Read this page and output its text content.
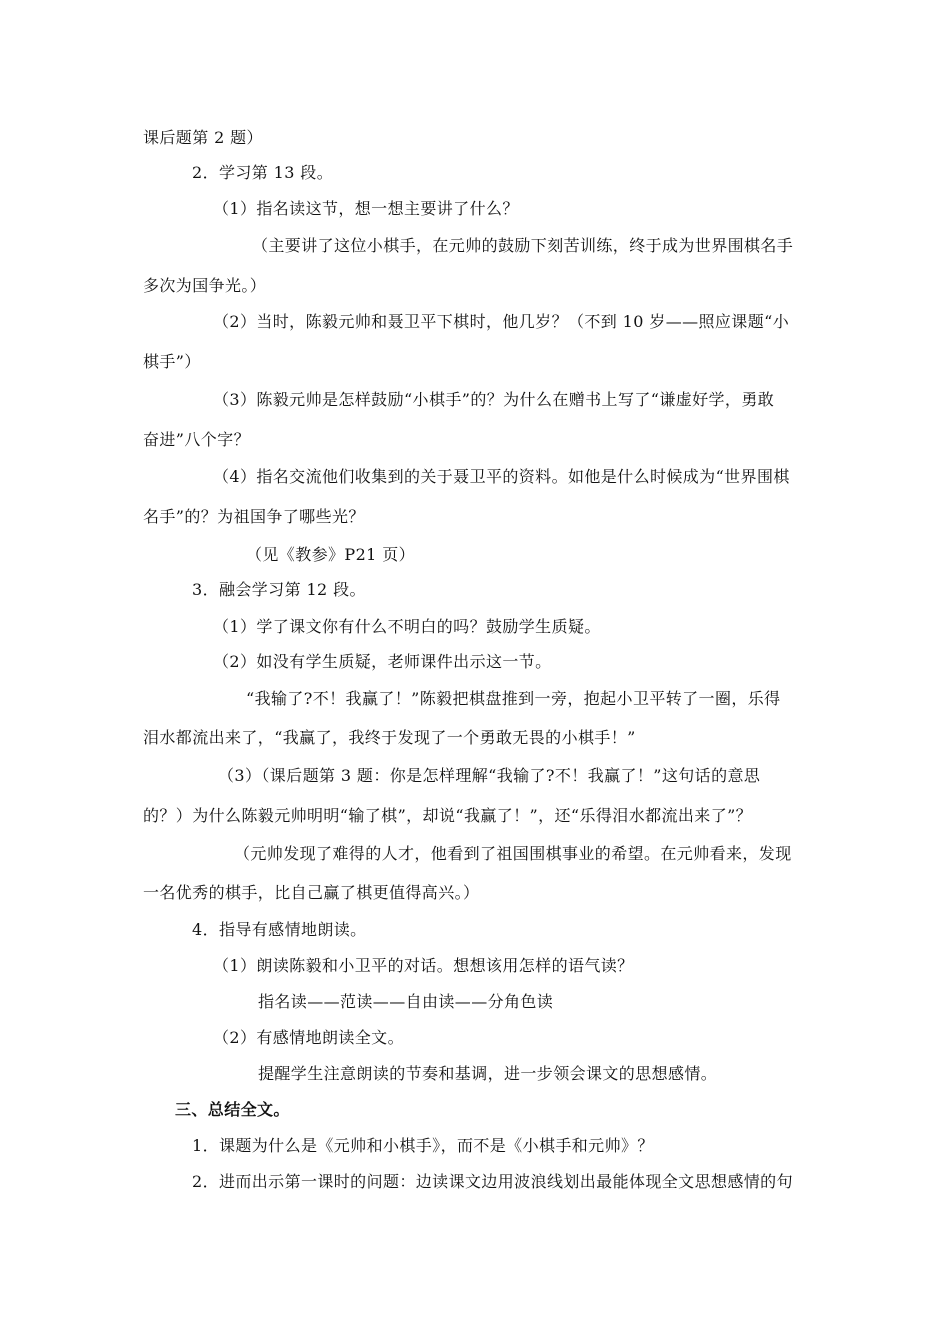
课后题第 2 题）
2．学习第 13 段。
（1）指名读这节，想一想主要讲了什么？
（主要讲了这位小棋手，在元帅的鼓励下刻苦训练，终于成为世界围棋名手
多次为国争光。）
（2）当时，陈毅元帅和聂卫平下棋时，他几岁？（不到 10 岁——照应课题“小
棋手”）
（3）陈毅元帅是怎样鼓励“小棋手”的？为什么在赠书上写了“谦虚好学，勇敢
奋进”八个字？
（4）指名交流他们收集到的关于聂卫平的资料。如他是什么时候成为“世界围棋
名手”的？为祖国争了哪些光？
（见《教参》P21 页）
3．融会学习第 12 段。
（1）学了课文你有什么不明白的吗？鼓励学生质疑。
（2）如没有学生质疑，老师课件出示这一节。
“我输了?不！我赢了！”陈毅把棋盘推到一旁，抱起小卫平转了一圈，乐得
泪水都流出来了，“我赢了，我终于发现了一个勇敢无畏的小棋手！”
（3）（课后题第 3 题：你是怎样理解“我输了?不！我赢了！”这句话的意思
的？）为什么陈毅元帅明明“输了棋”，却说“我赢了！”，还“乐得泪水都流出来了”？
（元帅发现了难得的人才，他看到了祖国围棋事业的希望。在元帅看来，发现
一名优秀的棋手，比自己赢了棋更值得高兴。）
4．指导有感情地朗读。
（1）朗读陈毅和小卫平的对话。想想该用怎样的语气读？
指名读——范读——自由读——分角色读
（2）有感情地朗读全文。
提醒学生注意朗读的节奏和基调，进一步领会课文的思想感情。
三、总结全文。
1．课题为什么是《元帅和小棋手》，而不是《小棋手和元帅》？
2．进而出示第一课时的问题：边读课文边用波浪线划出最能体现全文思想感情的句
